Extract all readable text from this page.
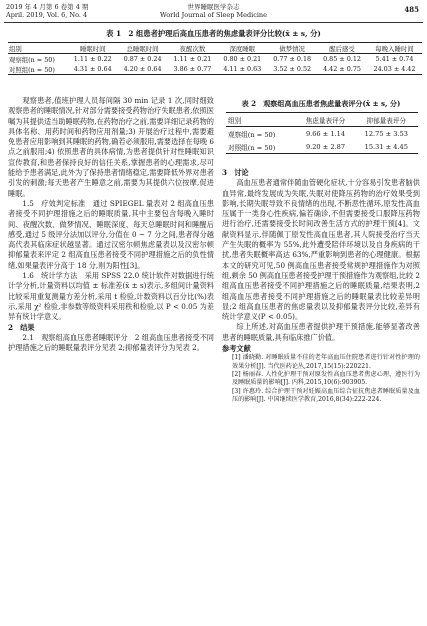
2019 年 4 月第 6 卷第 4 期
April. 2019, Vol. 6, No. 4
世界睡眠医学杂志
World Journal of Sleep Medicine
485
表 1　2 组患者护理后高血压患者的焦虑量表评分比较(x̄ ± s, 分)
组别	睡眠时间	总睡眠时间	夜醒次数	深度睡眠	做梦情况	醒后感受	每晚入睡时间
观察组(n = 50)	1.11 ± 0.22	0.87 ± 0.24	1.11 ± 0.21	0.80 ± 0.21	0.77 ± 0.18	0.85 ± 0.12	5.41 ± 0.74
对照组(n = 50)	4.31 ± 0.64	4.20 ± 0.64	3.86 ± 0.77	4.11 ± 0.63	3.52 ± 0.52	4.42 ± 0.75	24.03 ± 4.42

观察患者,值班护理人员每间隔 30 min 记录 1 次,同时细致观察患者的睡眠情况,针对部分需要接受药物治疗失眠患者,依照医嘱为其提供适当助睡眠药物,在药物治疗之前,需要详细记录药物的具体名称、用药时间和药物应用剂量;3) 开展治疗过程中,需要避免患者应用影响到其睡眠的药物,确若必须服用,需要选择在每晚 6 点之前服用;4) 依照患者的具体病情,为患者提供针对性睡眠知识宣传教育,和患者保持良好的信任关系,掌握患者的心理需求,尽可能给予患者满足,此外为了保持患者情绪稳定,需要降低外界对患者引发的刺激;每天患者产生睡意之前,需要为其提供六位按摩,促进睡眠。

1.5　疗效判定标准　通过 SPIEGEL 量表对 2 组高血压患者接受不同护理措施之后的睡眠质量,其中主要包含每晚入睡时间、夜醒次数、做梦情况、睡眠深度、每天总睡眠时间和睡醒后感受,通过 5 级评分法加以评分,分值在 0 ~ 7 分之间,患者得分越高代表其临床症状越显著。通过汉密尔顿焦虑量表以及汉密尔顿抑郁量表来评定 2 组高血压患者接受不同护理措施之后的负性情绪,如果量表评分高于 18 分,则为阳性[3]。

1.6　统计学方法　采用 SPSS 22.0 统计软件对数据进行统计学分析,计量资料以均值 ± 标准差(x̄ ± s)表示,多组间计量资料比较采用重复测量方差分析,采用 t 检验,计数资料以百分比(%)表示,采用 χ² 检验,非参数等级资料采用秩和检验,以 P < 0.05 为差异有统计学意义。

2　结果

2.1　观察组高血压患者睡眠评分　2 组高血压患者接受不同护理措施之后的睡眠量表评分见表 2;抑郁量表评分为见表 2。

表 2　观察组高血压患者焦虑量表评分(x̄ ± s, 分)
组别	焦虑量表评分	抑郁量表评分
观察组(n = 50)	9.66 ± 1.14	12.75 ± 3.53
对照组(n = 50)	9.20 ± 2.87	15.31 ± 4.45

3　讨论

高血压患者通常伴随血管硬化症状,十分容易引发患者脑供血异常,最终发展成为失眠,失眠对使降压药物的治疗效果受到影响,长期失眠导致不良情绪的出现,不断恶性循环,原发性高血压属于一类身心性疾病,偏若确诊,不但需要接受口服降压药物进行治疗,还需要接受长时间改善生活方式的护理干预[4]。文献资料显示,伴随佩丁原发性高血压患者,其人院接受治疗当天产生失眠的概率为 55%,此外遭受陪伴环境以及自身疾病的干扰,患者失眠概率高达 63%,严重影响到患者的心理健康。根据本文的研究可见,50 例高血压患者接受常规护理措施作为对照组,剩余 50 例高血压患者接受护理干预措施作为观察组,比较 2 组高血压患者接受不同护理措施之后的睡眠质量,结果表明,2 组高血压患者接受不同护理措施之后的睡眠量表比较差异明显;2 组高血压患者的焦虑量表以及抑郁量表评分比较,差异有统计学意义(P < 0.05)。

综上所述,对高血压患者提供护理干预措施,能够显著改善患者的睡眠质量,具有临床推广价值。

参考文献

[1] 潘晓勤. 对睡眠质量不佳的老年高血压住院患者进行针对性护理的效果分析[J]. 当代医药论丛,2017,15(15):220221.

[2] 杨丽春. 人性化护理干预对原发性高血压患者焦虑心理、遵医行为及睡眠质量的影响[J]. 内科,2015,10(6):903905.

[3] 许惠玲. 综合护理干预对妊娠高血压综合征抗焦虑者睡眠质量及血压的影响[J]. 中国继续医学教育,2016,8(34):222-224.
